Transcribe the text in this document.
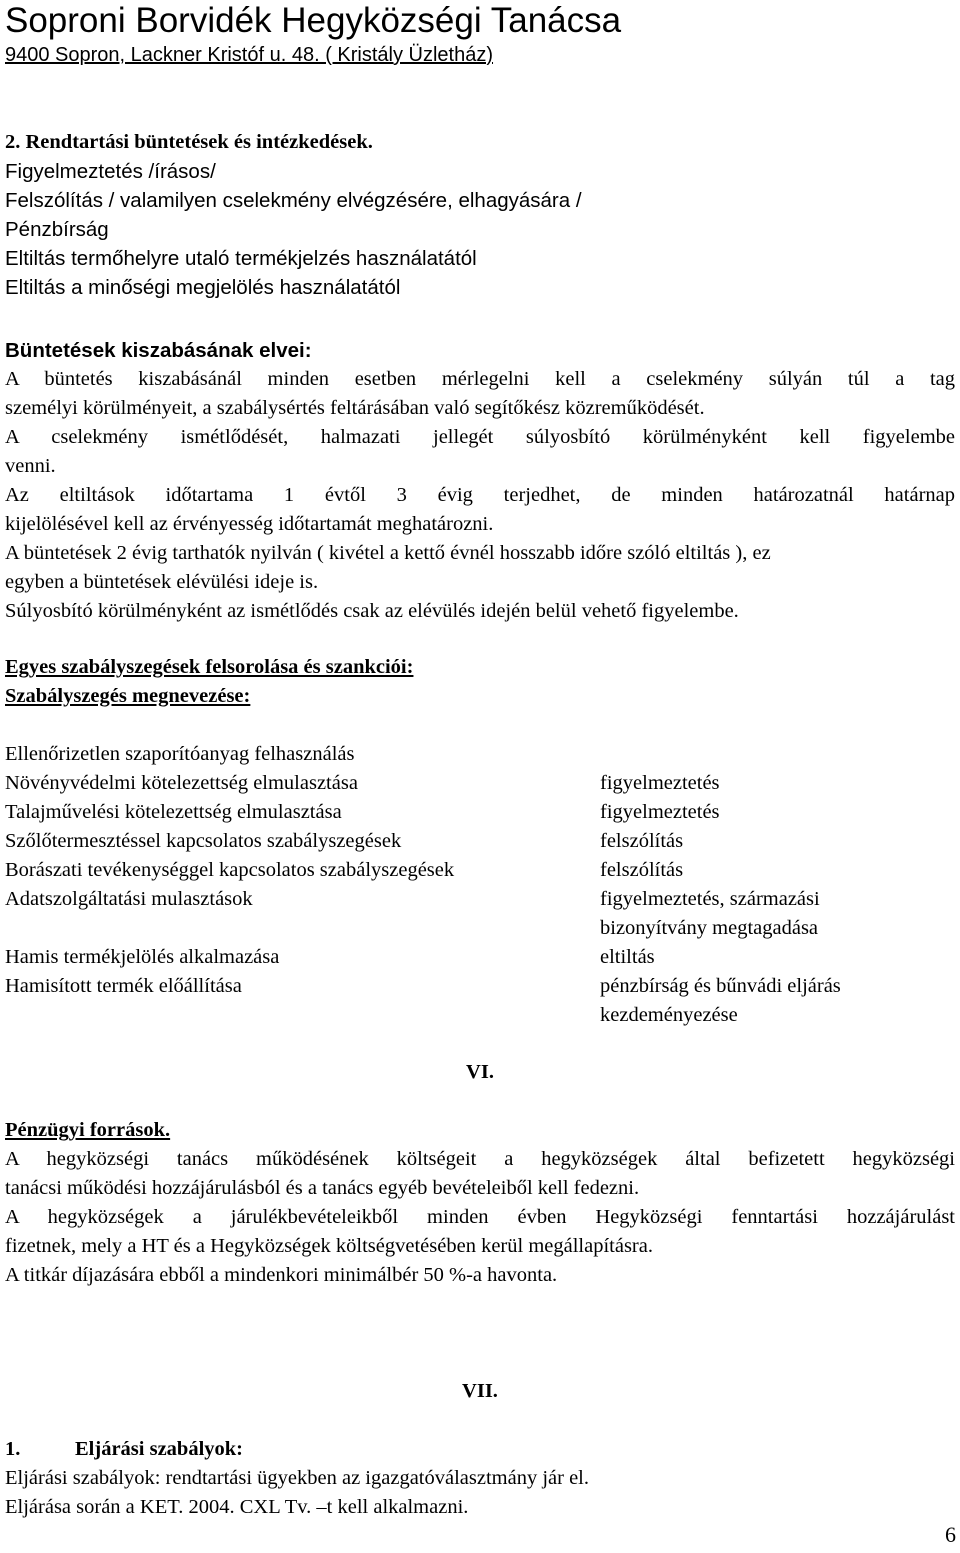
Soproni Borvidék Hegyközségi Tanácsa
9400 Sopron, Lackner Kristóf u. 48. ( Kristály Üzletház)

2. Rendtartási büntetések és intézkedések.

Figyelmeztetés /írásos/

Felszólítás / valamilyen cselekmény elvégzésére, elhagyására /

Pénzbírság

Eltiltás termőhelyre utaló termékjelzés használatától

Eltiltás a minőségi megjelölés használatától

Büntetések kiszabásának elvei:

A büntetés kiszabásánál minden esetben mérlegelni kell a cselekmény súlyán túl a tag

személyi körülményeit, a szabálysértés feltárásában való segítőkész közreműködését.

A cselekmény ismétlődését, halmazati jellegét súlyosbító körülményként kell figyelembe

venni.

Az eltiltások időtartama 1 évtől 3 évig terjedhet, de minden határozatnál határnap

kijelölésével kell az érvényesség időtartamát meghatározni.

A büntetések 2 évig tarthatók nyilván ( kivétel a kettő évnél hosszabb időre szóló eltiltás ), ez

egyben a büntetések elévülési ideje is.

Súlyosbító körülményként az ismétlődés csak az elévülés idején belül vehető figyelembe.

Egyes szabályszegések felsorolása és szankciói:

Szabályszegés megnevezése:

Ellenőrizetlen szaporítóanyag felhasználás
Növényvédelmi kötelezettség elmulasztása	figyelmeztetés
Talajművelési kötelezettség elmulasztása	figyelmeztetés
Szőlőtermesztéssel kapcsolatos szabályszegések	felszólítás
Borászati tevékenységgel kapcsolatos szabályszegések	felszólítás
Adatszolgáltatási mulasztások	figyelmeztetés, származási
bizonyítvány megtagadása
Hamis termékjelölés alkalmazása	eltiltás
Hamisított termék előállítása	pénzbírság és bűnvádi eljárás
kezdeményezése
VI.

Pénzügyi források.

A hegyközségi tanács működésének költségeit a hegyközségek által befizetett hegyközségi

tanácsi működési hozzájárulásból és a tanács egyéb bevételeiből kell fedezni.

A hegyközségek a járulékbevételeikből minden évben Hegyközségi fenntartási hozzájárulást

fizetnek, mely a HT és a Hegyközségek költségvetésében kerül megállapításra.

A titkár díjazására ebből a mindenkori minimálbér 50 %-a havonta.

VII.

1.	Eljárási szabályok:

Eljárási szabályok: rendtartási ügyekben az igazgatóválasztmány jár el.

Eljárása során a KET. 2004. CXL Tv. –t kell alkalmazni.

6
